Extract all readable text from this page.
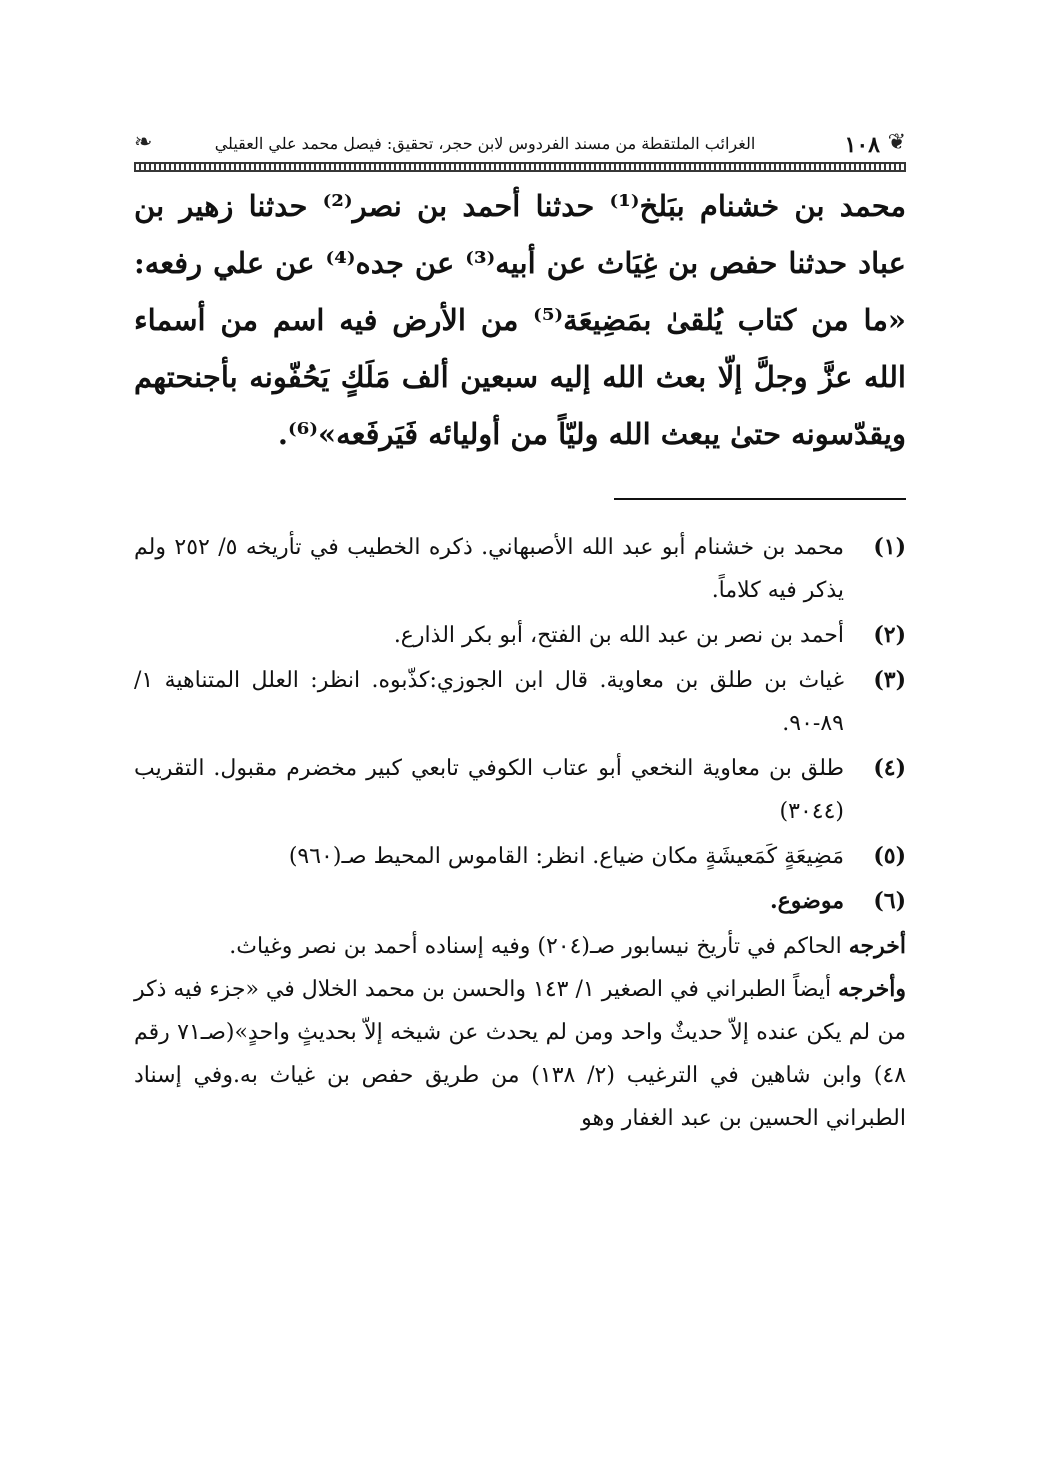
❦
١٠٨
الغرائب الملتقطة من مسند الفردوس لابن حجر، تحقيق: فيصل محمد علي العقيلي
❧
محمد بن خشنام ببَلخ⁽¹⁾ حدثنا أحمد بن نصر⁽²⁾ حدثنا زهير بن عباد حدثنا حفص بن غِيَاث عن أبيه⁽³⁾ عن جده⁽⁴⁾ عن علي رفعه: «ما من كتاب يُلقىٰ بمَضِيعَة⁽⁵⁾ من الأرض فيه اسم من أسماء الله عزَّ وجلَّ إلّا بعث الله إليه سبعين ألف مَلَكٍ يَحُفّونه بأجنحتهم ويقدّسونه حتىٰ يبعث الله وليّاً من أوليائه فَيَرفَعه»⁽⁶⁾.
(١)
محمد بن خشنام أبو عبد الله الأصبهاني. ذكره الخطيب في تأريخه ٥/ ٢٥٢ ولم يذكر فيه كلاماً.
(٢)
أحمد بن نصر بن عبد الله بن الفتح، أبو بكر الذارع.
(٣)
غياث بن طلق بن معاوية. قال ابن الجوزي:كذّبوه. انظر: العلل المتناهية ١/ ٨٩-٩٠.
(٤)
طلق بن معاوية النخعي أبو عتاب الكوفي تابعي كبير مخضرم مقبول. التقريب (٣٠٤٤)
(٥)
مَضِيعَةٍ كَمَعيشَةٍ مكان ضياع. انظر: القاموس المحيط صـ(٩٦٠)
(٦)
موضوع.
أخرجه الحاكم في تأريخ نيسابور صـ(٢٠٤) وفيه إسناده أحمد بن نصر وغياث.
وأخرجه أيضاً الطبراني في الصغير ١/ ١٤٣ والحسن بن محمد الخلال في «جزء فيه ذكر من لم يكن عنده إلاّ حديثٌ واحد ومن لم يحدث عن شيخه إلاّ بحديثٍ واحدٍ»(صـ٧١ رقم ٤٨) وابن شاهين في الترغيب (٢/ ١٣٨) من طريق حفص بن غياث به.وفي إسناد الطبراني الحسين بن عبد الغفار وهو
